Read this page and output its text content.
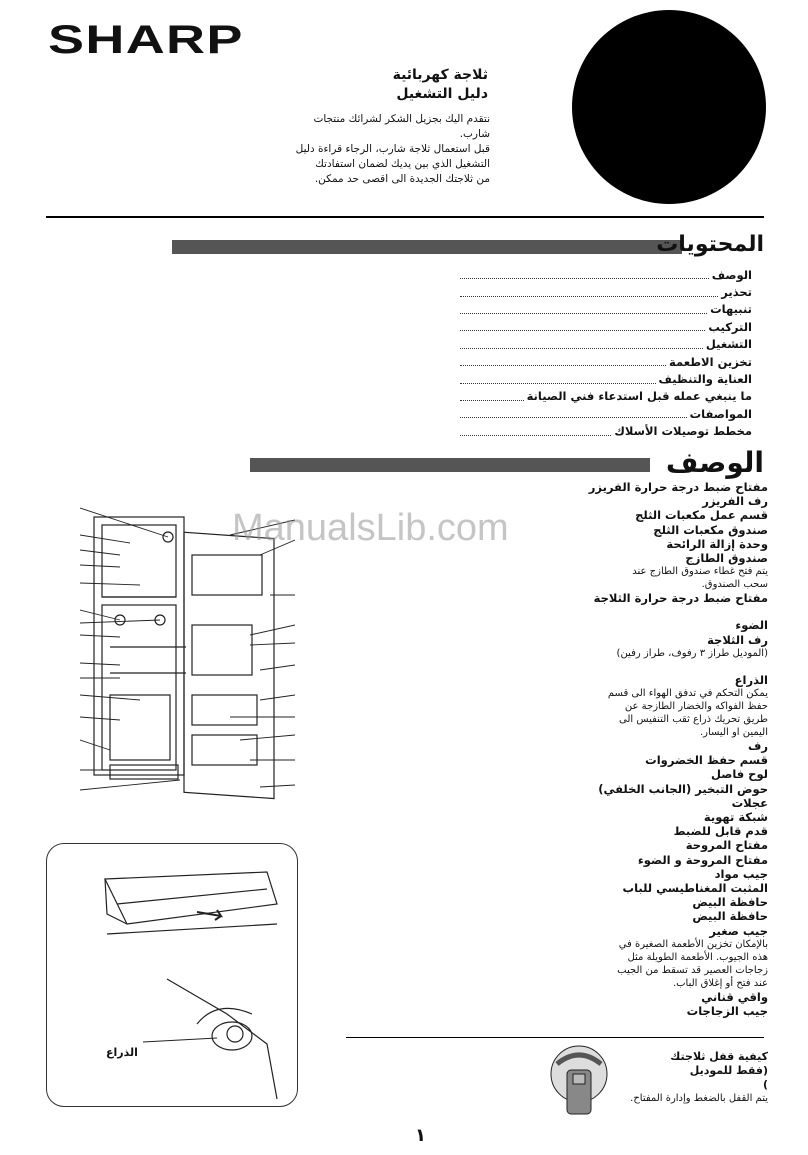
SHARP
ثلاجة كهربائية
دليل التشغيل
نتقدم اليك بجزيل الشكر لشرائك منتجات
شارب.
قبل استعمال ثلاجة شارب، الرجاء قراءة دليل
التشغيل الذي بين يديك لضمان استفادتك
من ثلاجتك الجديدة الى اقصى حد ممكن.
المحتويات
الوصف
تحذير
تنبيهات
التركيب
التشغيل
تخزين الاطعمة
العناية والتنظيف
ما ينبغي عمله قبل استدعاء فني الصيانة
المواصفات
مخطط توصيلات الأسلاك
الوصف
مفتاح ضبط درجة حرارة الفريزر
رف الفريزر
قسم عمل مكعبات الثلج
صندوق مكعبات الثلج
وحدة إزالة الرائحة
صندوق الطازج
يتم فتح غطاء صندوق الطازج عند
سحب الصندوق.
مفتاح ضبط درجة حرارة الثلاجة

الضوء
رف الثلاجة
(الموديل طراز ٣ رفوف، طراز رفين)

الذراع
يمكن التحكم في تدفق الهواء الى قسم
حفظ الفواكه والخضار الطازجة عن
طريق تحريك ذراع ثقب التنفيس الى
اليمين او اليسار.
رف
قسم حفظ الخضروات
لوح فاصل
حوض التبخير (الجانب الخلفي)
عجلات
شبكة تهوية
قدم قابل للضبط
مفتاح المروحة
مفتاح المروحة و الضوء
جيب مواد
المثبت المغناطيسي للباب
حافظة البيض
حافظة البيض
جيب صغير
بالإمكان تخزين الأطعمة الصغيرة في
هذه الجيوب. الأطعمة الطويلة مثل
زجاجات العصير قد تسقط من الجيب
عند فتح أو إغلاق الباب.
واقي قناني
جيب الزجاجات
ManualsLib.com
الذراع	كيفية قفل ثلاجتك
(فقط للموديل
)
يتم القفل بالضغط وإدارة المفتاح.
١
